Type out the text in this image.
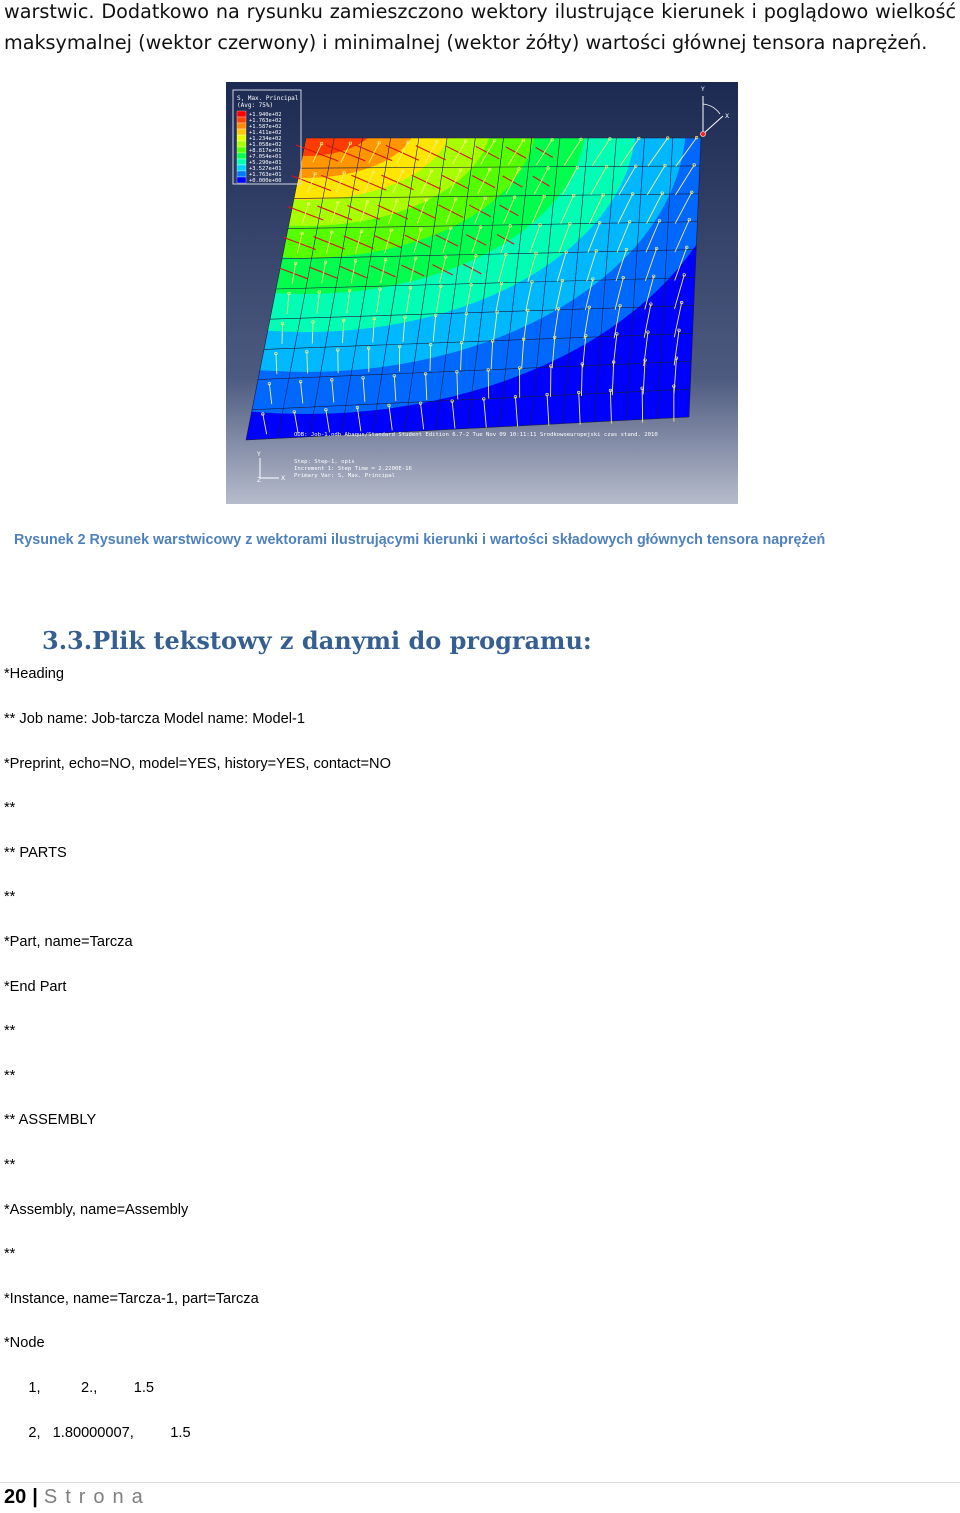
warstwic. Dodatkowo na rysunku zamieszczono wektory ilustrujące kierunek i poglądowo wielkość
maksymalnej (wektor czerwony) i minimalnej (wektor żółty) wartości głównej tensora naprężeń.

S, Max. Principal
(Avg: 75%)
+1.940e+02
+1.763e+02
+1.587e+02
+1.411e+02
+1.234e+02
+1.058e+02
+8.817e+01
+7.054e+01
+5.290e+01
+3.527e+01
+1.763e+01
+0.000e+00
Y
X
ODB: Job-1.odb Abaqus/Standard Student Edition 6.7-2 Tue Nov 09 10:11:11 Srodkowoeuropejski czas stand. 2010
Y
X
Z
Step: Step-1, opis
Increment 1: Step Time = 2.2200E-16
Primary Var: S, Max. Principal

Rysunek 2 Rysunek warstwicowy z wektorami ilustrującymi kierunki i wartości składowych głównych tensora naprężeń

3.3.Plik tekstowy z danymi do programu:

*Heading

** Job name: Job-tarcza Model name: Model-1

*Preprint, echo=NO, model=YES, history=YES, contact=NO

**

** PARTS

**

*Part, name=Tarcza

*End Part

**

**

** ASSEMBLY

**

*Assembly, name=Assembly

**

*Instance, name=Tarcza-1, part=Tarcza

*Node

1,          2.,         1.5

2,   1.80000007,         1.5

20 | Strona
